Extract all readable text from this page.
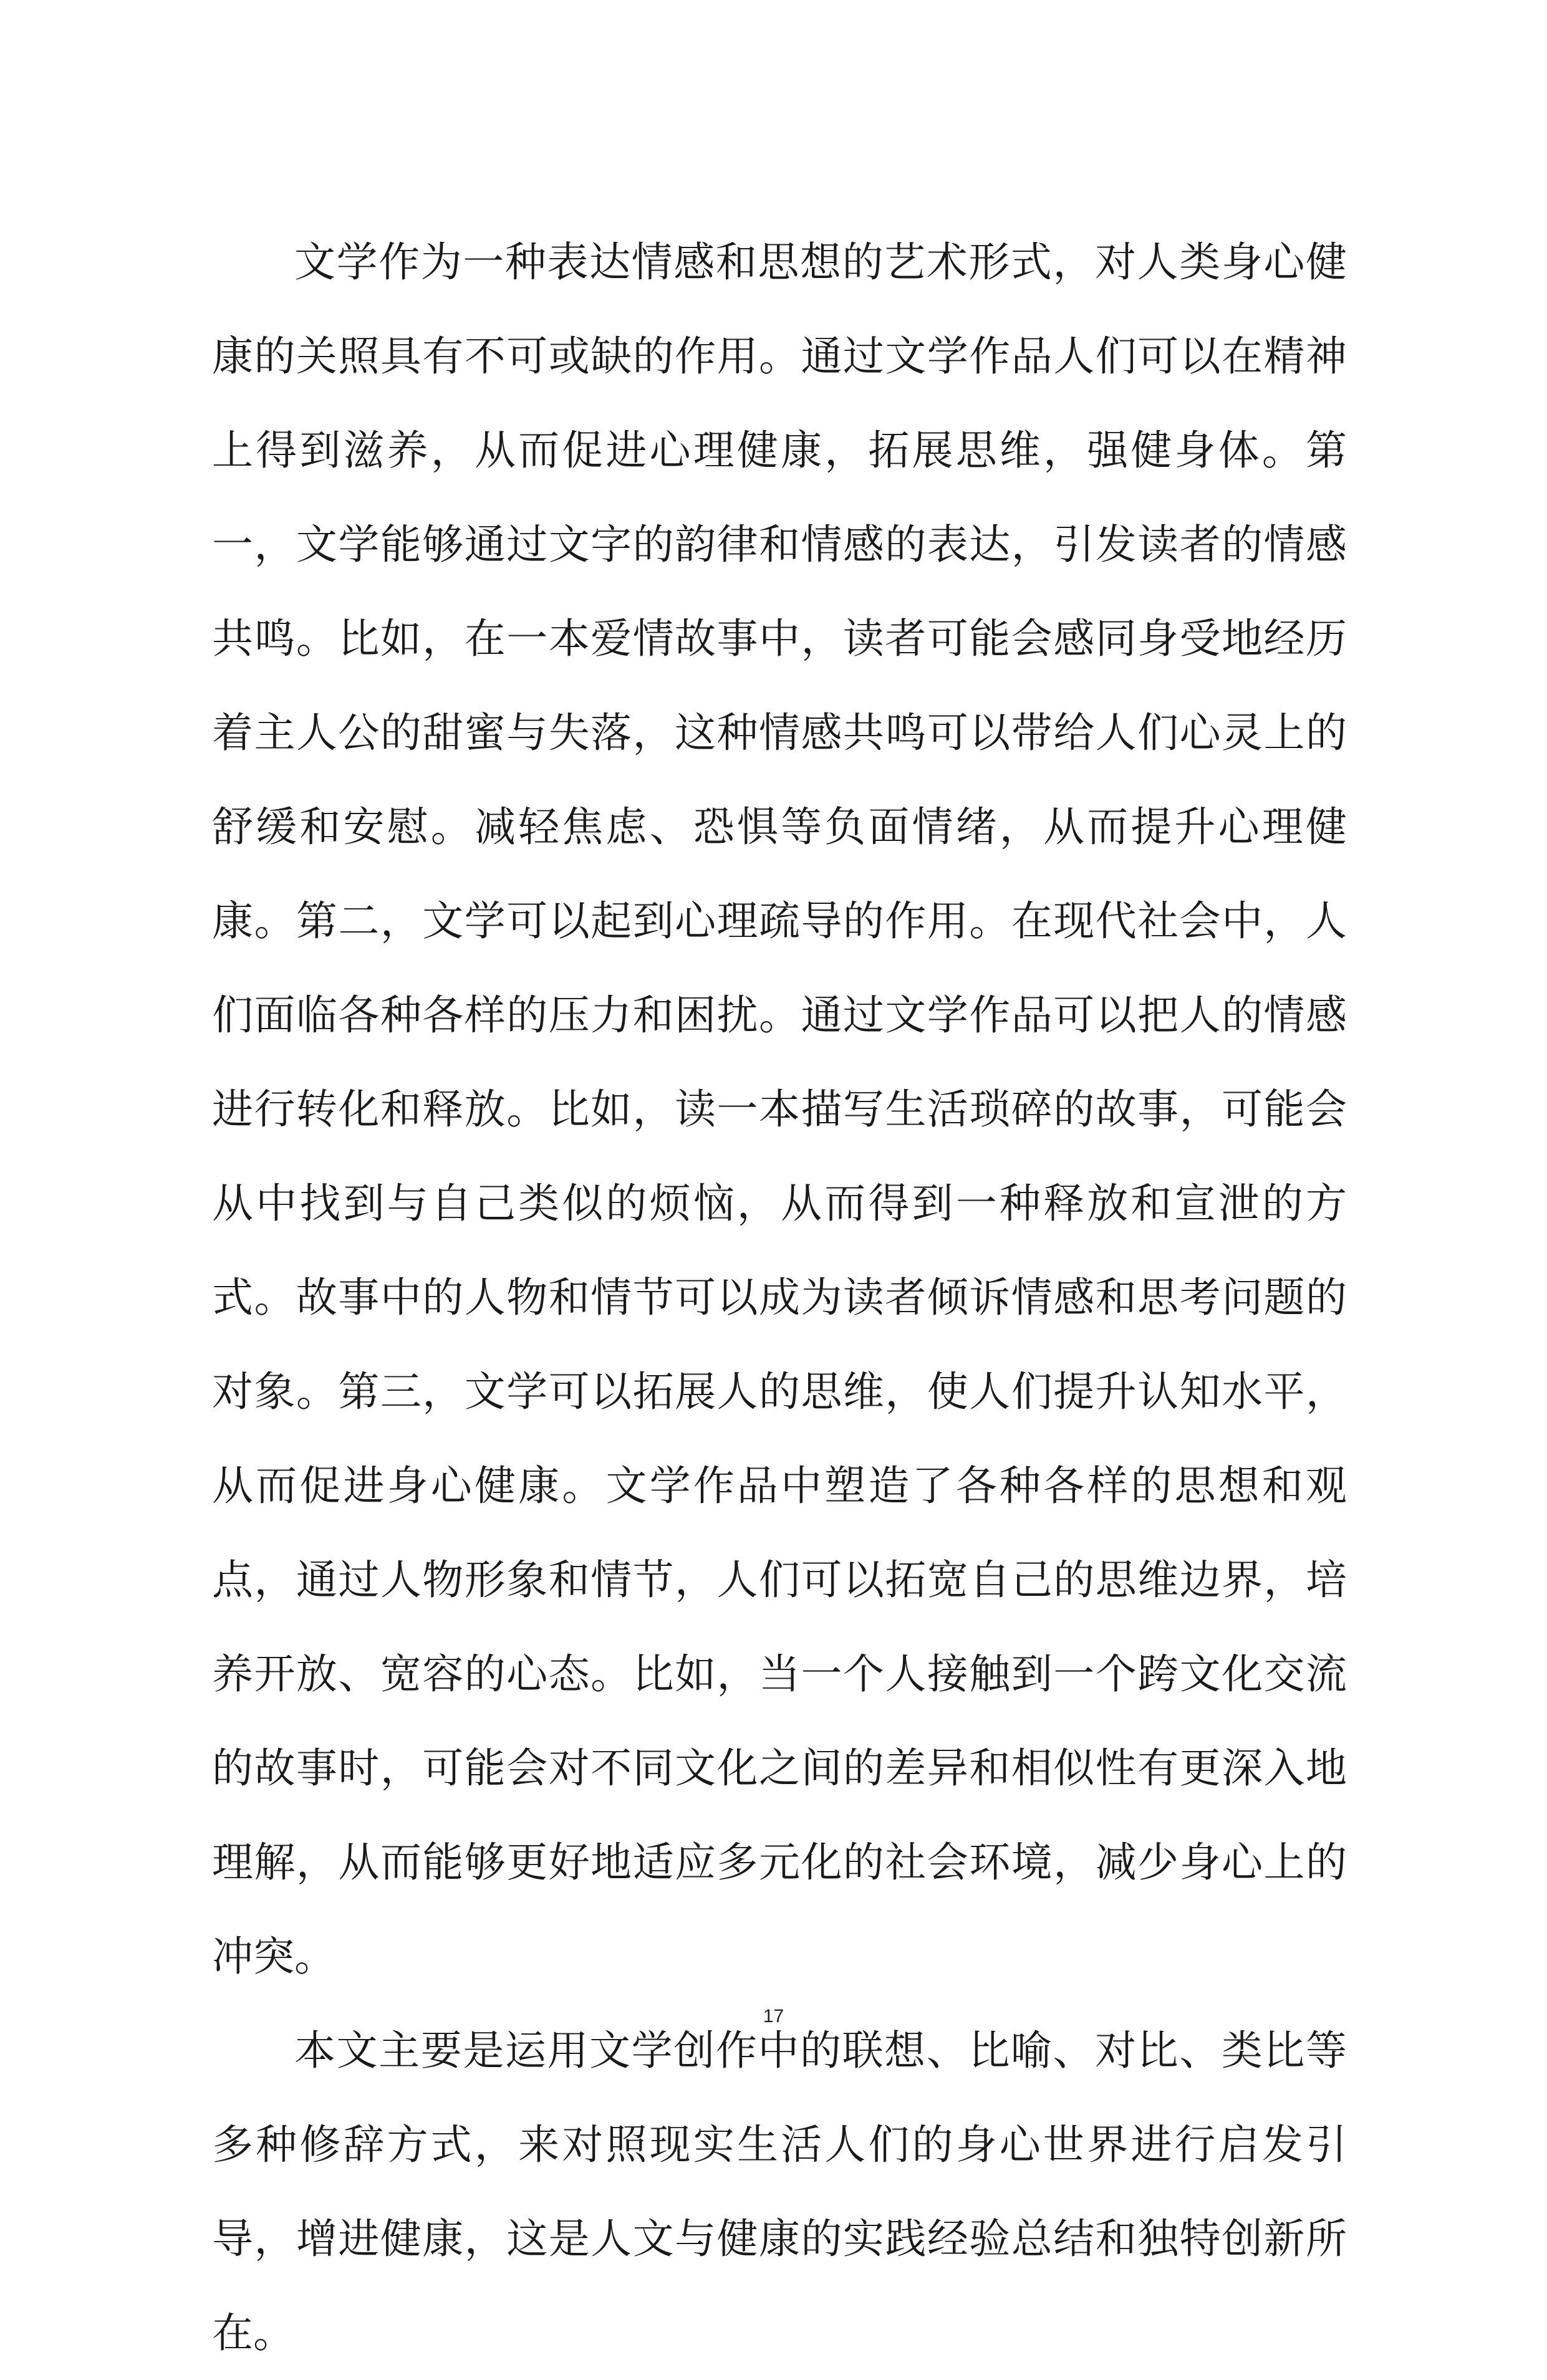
文学作为一种表达情感和思想的艺术形式，对人类身心健康的关照具有不可或缺的作用。通过文学作品人们可以在精神上得到滋养，从而促进心理健康，拓展思维，强健身体。第一，文学能够通过文字的韵律和情感的表达，引发读者的情感共鸣。比如，在一本爱情故事中，读者可能会感同身受地经历着主人公的甜蜜与失落，这种情感共鸣可以带给人们心灵上的舒缓和安慰。减轻焦虑、恐惧等负面情绪，从而提升心理健康。第二，文学可以起到心理疏导的作用。在现代社会中，人们面临各种各样的压力和困扰。通过文学作品可以把人的情感进行转化和释放。比如，读一本描写生活琐碎的故事，可能会从中找到与自己类似的烦恼，从而得到一种释放和宣泄的方式。故事中的人物和情节可以成为读者倾诉情感和思考问题的对象。第三，文学可以拓展人的思维，使人们提升认知水平，从而促进身心健康。文学作品中塑造了各种各样的思想和观点，通过人物形象和情节，人们可以拓宽自己的思维边界，培养开放、宽容的心态。比如，当一个人接触到一个跨文化交流的故事时，可能会对不同文化之间的差异和相似性有更深入地理解，从而能够更好地适应多元化的社会环境，减少身心上的冲突。

本文主要是运用文学创作中的联想、比喻、对比、类比等多种修辞方式，来对照现实生活人们的身心世界进行启发引导，增进健康，这是人文与健康的实践经验总结和独特创新所在。

17
